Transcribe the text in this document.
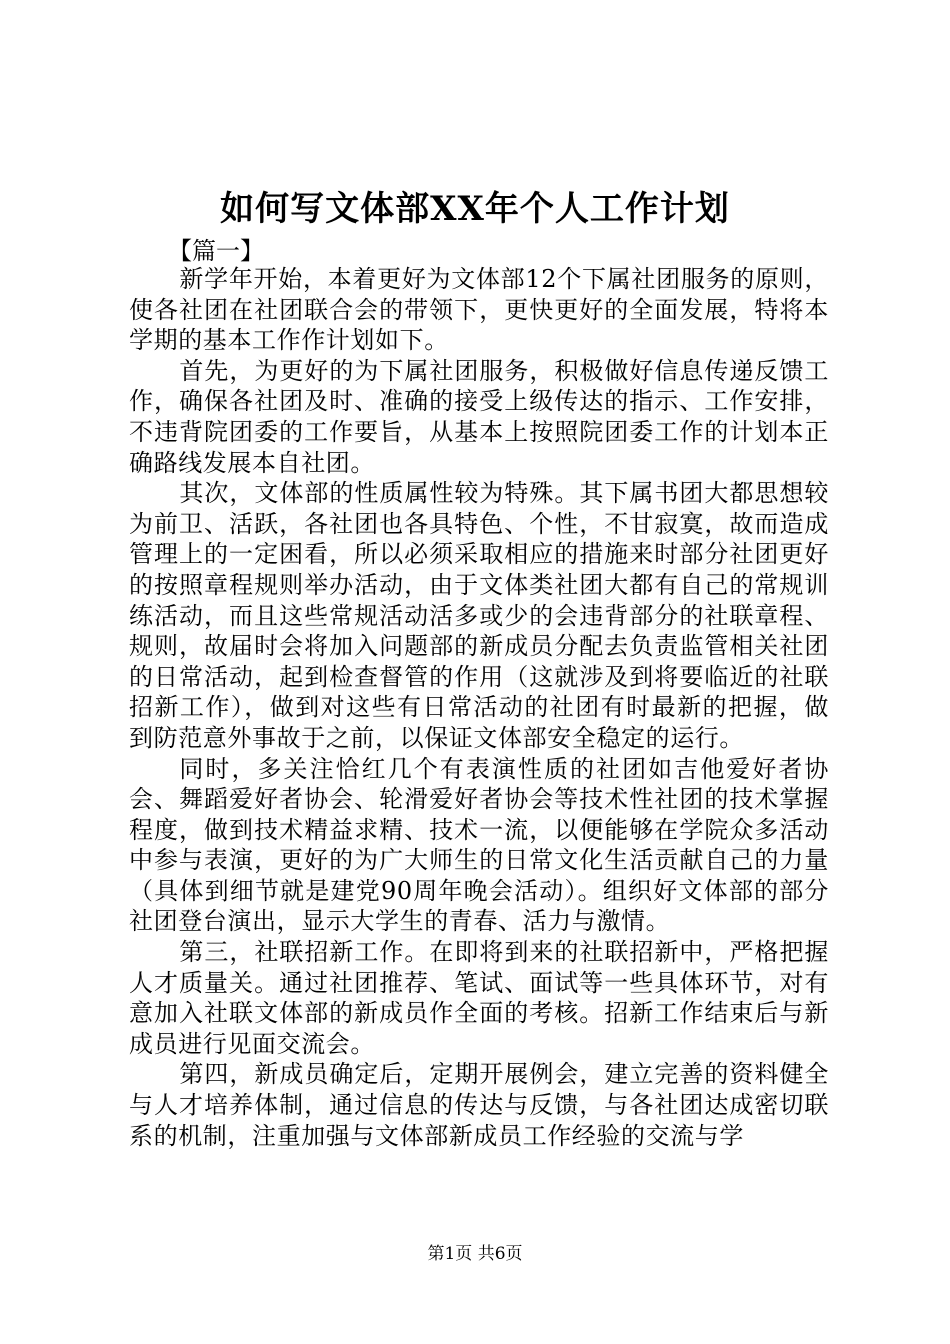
如何写文体部XX年个人工作计划
【篇一】

新学年开始，本着更好为文体部12个下属社团服务的原则，使各社团在社团联合会的带领下，更快更好的全面发展，特将本学期的基本工作作计划如下。

首先，为更好的为下属社团服务，积极做好信息传递反馈工作，确保各社团及时、准确的接受上级传达的指示、工作安排，不违背院团委的工作要旨，从基本上按照院团委工作的计划本正确路线发展本自社团。

其次，文体部的性质属性较为特殊。其下属书团大都思想较为前卫、活跃，各社团也各具特色、个性，不甘寂寞，故而造成管理上的一定困看，所以必须采取相应的措施来时部分社团更好的按照章程规则举办活动，由于文体类社团大都有自己的常规训练活动，而且这些常规活动活多或少的会违背部分的社联章程、规则，故届时会将加入问题部的新成员分配去负责监管相关社团的日常活动，起到检查督管的作用（这就涉及到将要临近的社联招新工作），做到对这些有日常活动的社团有时最新的把握，做到防范意外事故于之前，以保证文体部安全稳定的运行。

同时，多关注恰红几个有表演性质的社团如吉他爱好者协会、舞蹈爱好者协会、轮滑爱好者协会等技术性社团的技术掌握程度，做到技术精益求精、技术一流，以便能够在学院众多活动中参与表演，更好的为广大师生的日常文化生活贡献自己的力量（具体到细节就是建党90周年晚会活动）。组织好文体部的部分社团登台演出，显示大学生的青春、活力与激情。

第三，社联招新工作。在即将到来的社联招新中，严格把握人才质量关。通过社团推荐、笔试、面试等一些具体环节，对有意加入社联文体部的新成员作全面的考核。招新工作结束后与新成员进行见面交流会。

第四，新成员确定后，定期开展例会，建立完善的资料健全与人才培养体制，通过信息的传达与反馈，与各社团达成密切联系的机制，注重加强与文体部新成员工作经验的交流与学

第1页 共6页
